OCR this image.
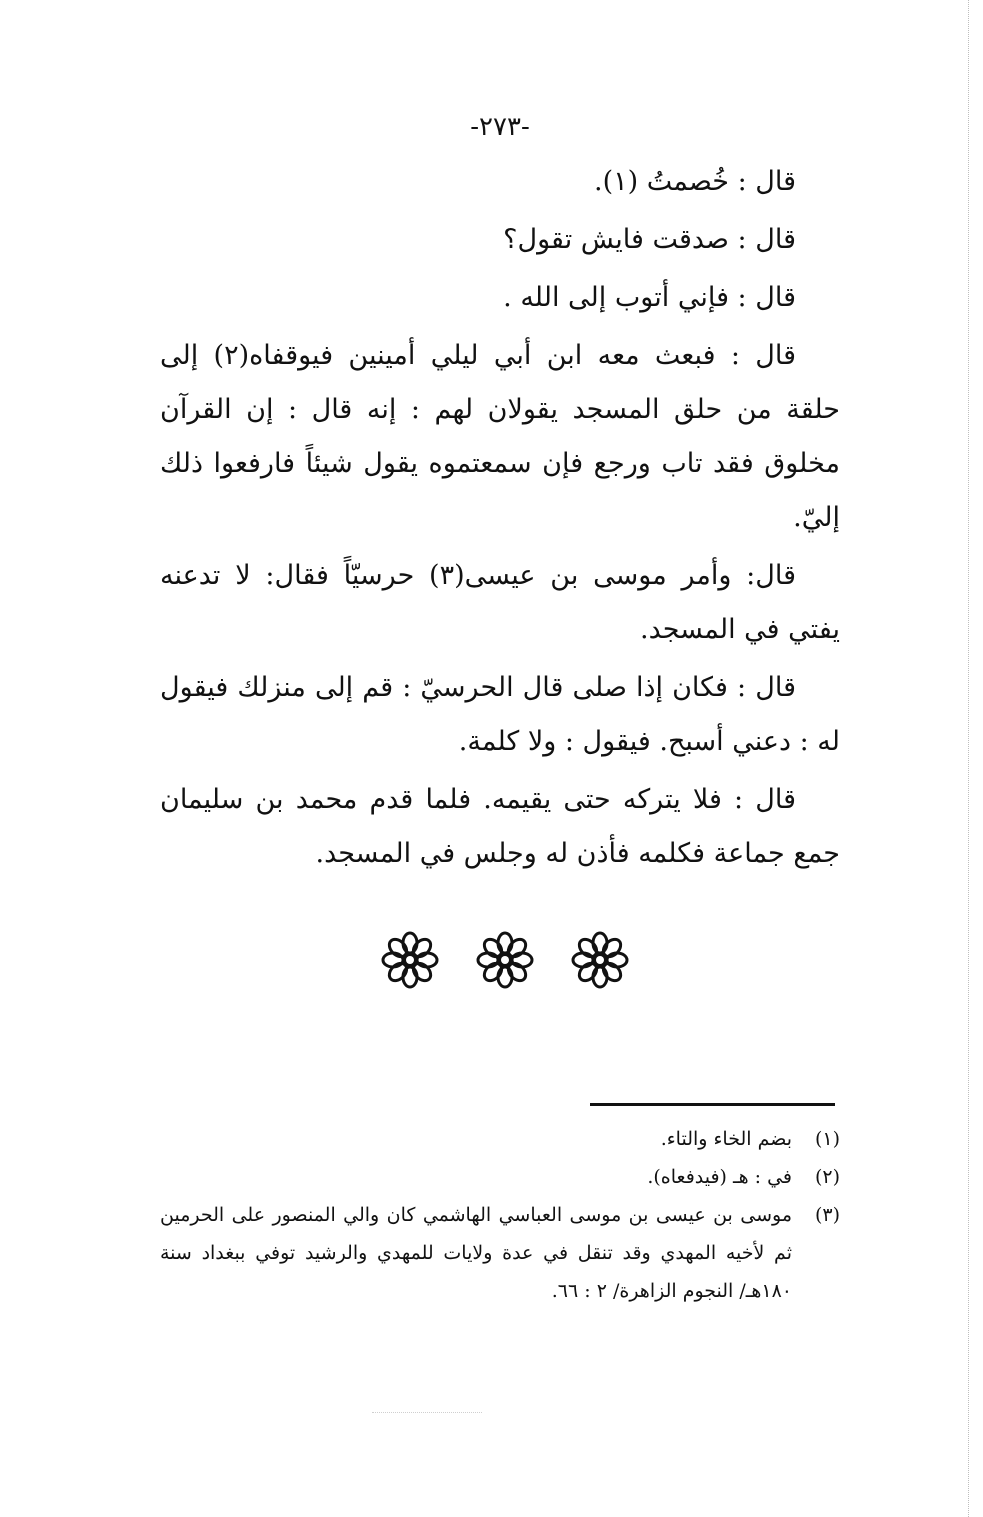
-٢٧٣-

قال : خُصمتُ (١).

قال : صدقت فايش تقول؟

قال : فإني أتوب إلى الله .

قال : فبعث معه ابن أبي ليلي أمينين فيوقفاه(٢) إلى حلقة من حلق المسجد يقولان لهم : إنه قال : إن القرآن مخلوق فقد تاب ورجع فإن سمعتموه يقول شيئاً فارفعوا ذلك إليّ.

قال: وأمر موسى بن عيسى(٣) حرسيّاً فقال: لا تدعنه يفتي في المسجد.

قال : فكان إذا صلى قال الحرسيّ : قم إلى منزلك فيقول له : دعني أسبح. فيقول : ولا كلمة.

قال : فلا يتركه حتى يقيمه. فلما قدم محمد بن سليمان جمع جماعة فكلمه فأذن له وجلس في المسجد.

(١)
بضم الخاء والتاء.
(٢)
في : هـ (فيدفعاه).
(٣)
موسى بن عيسى بن موسى العباسي الهاشمي كان والي المنصور على الحرمين ثم لأخيه المهدي وقد تنقل في عدة ولايات للمهدي والرشيد توفي ببغداد سنة ١٨٠هـ/ النجوم الزاهرة/ ٢ : ٦٦.
